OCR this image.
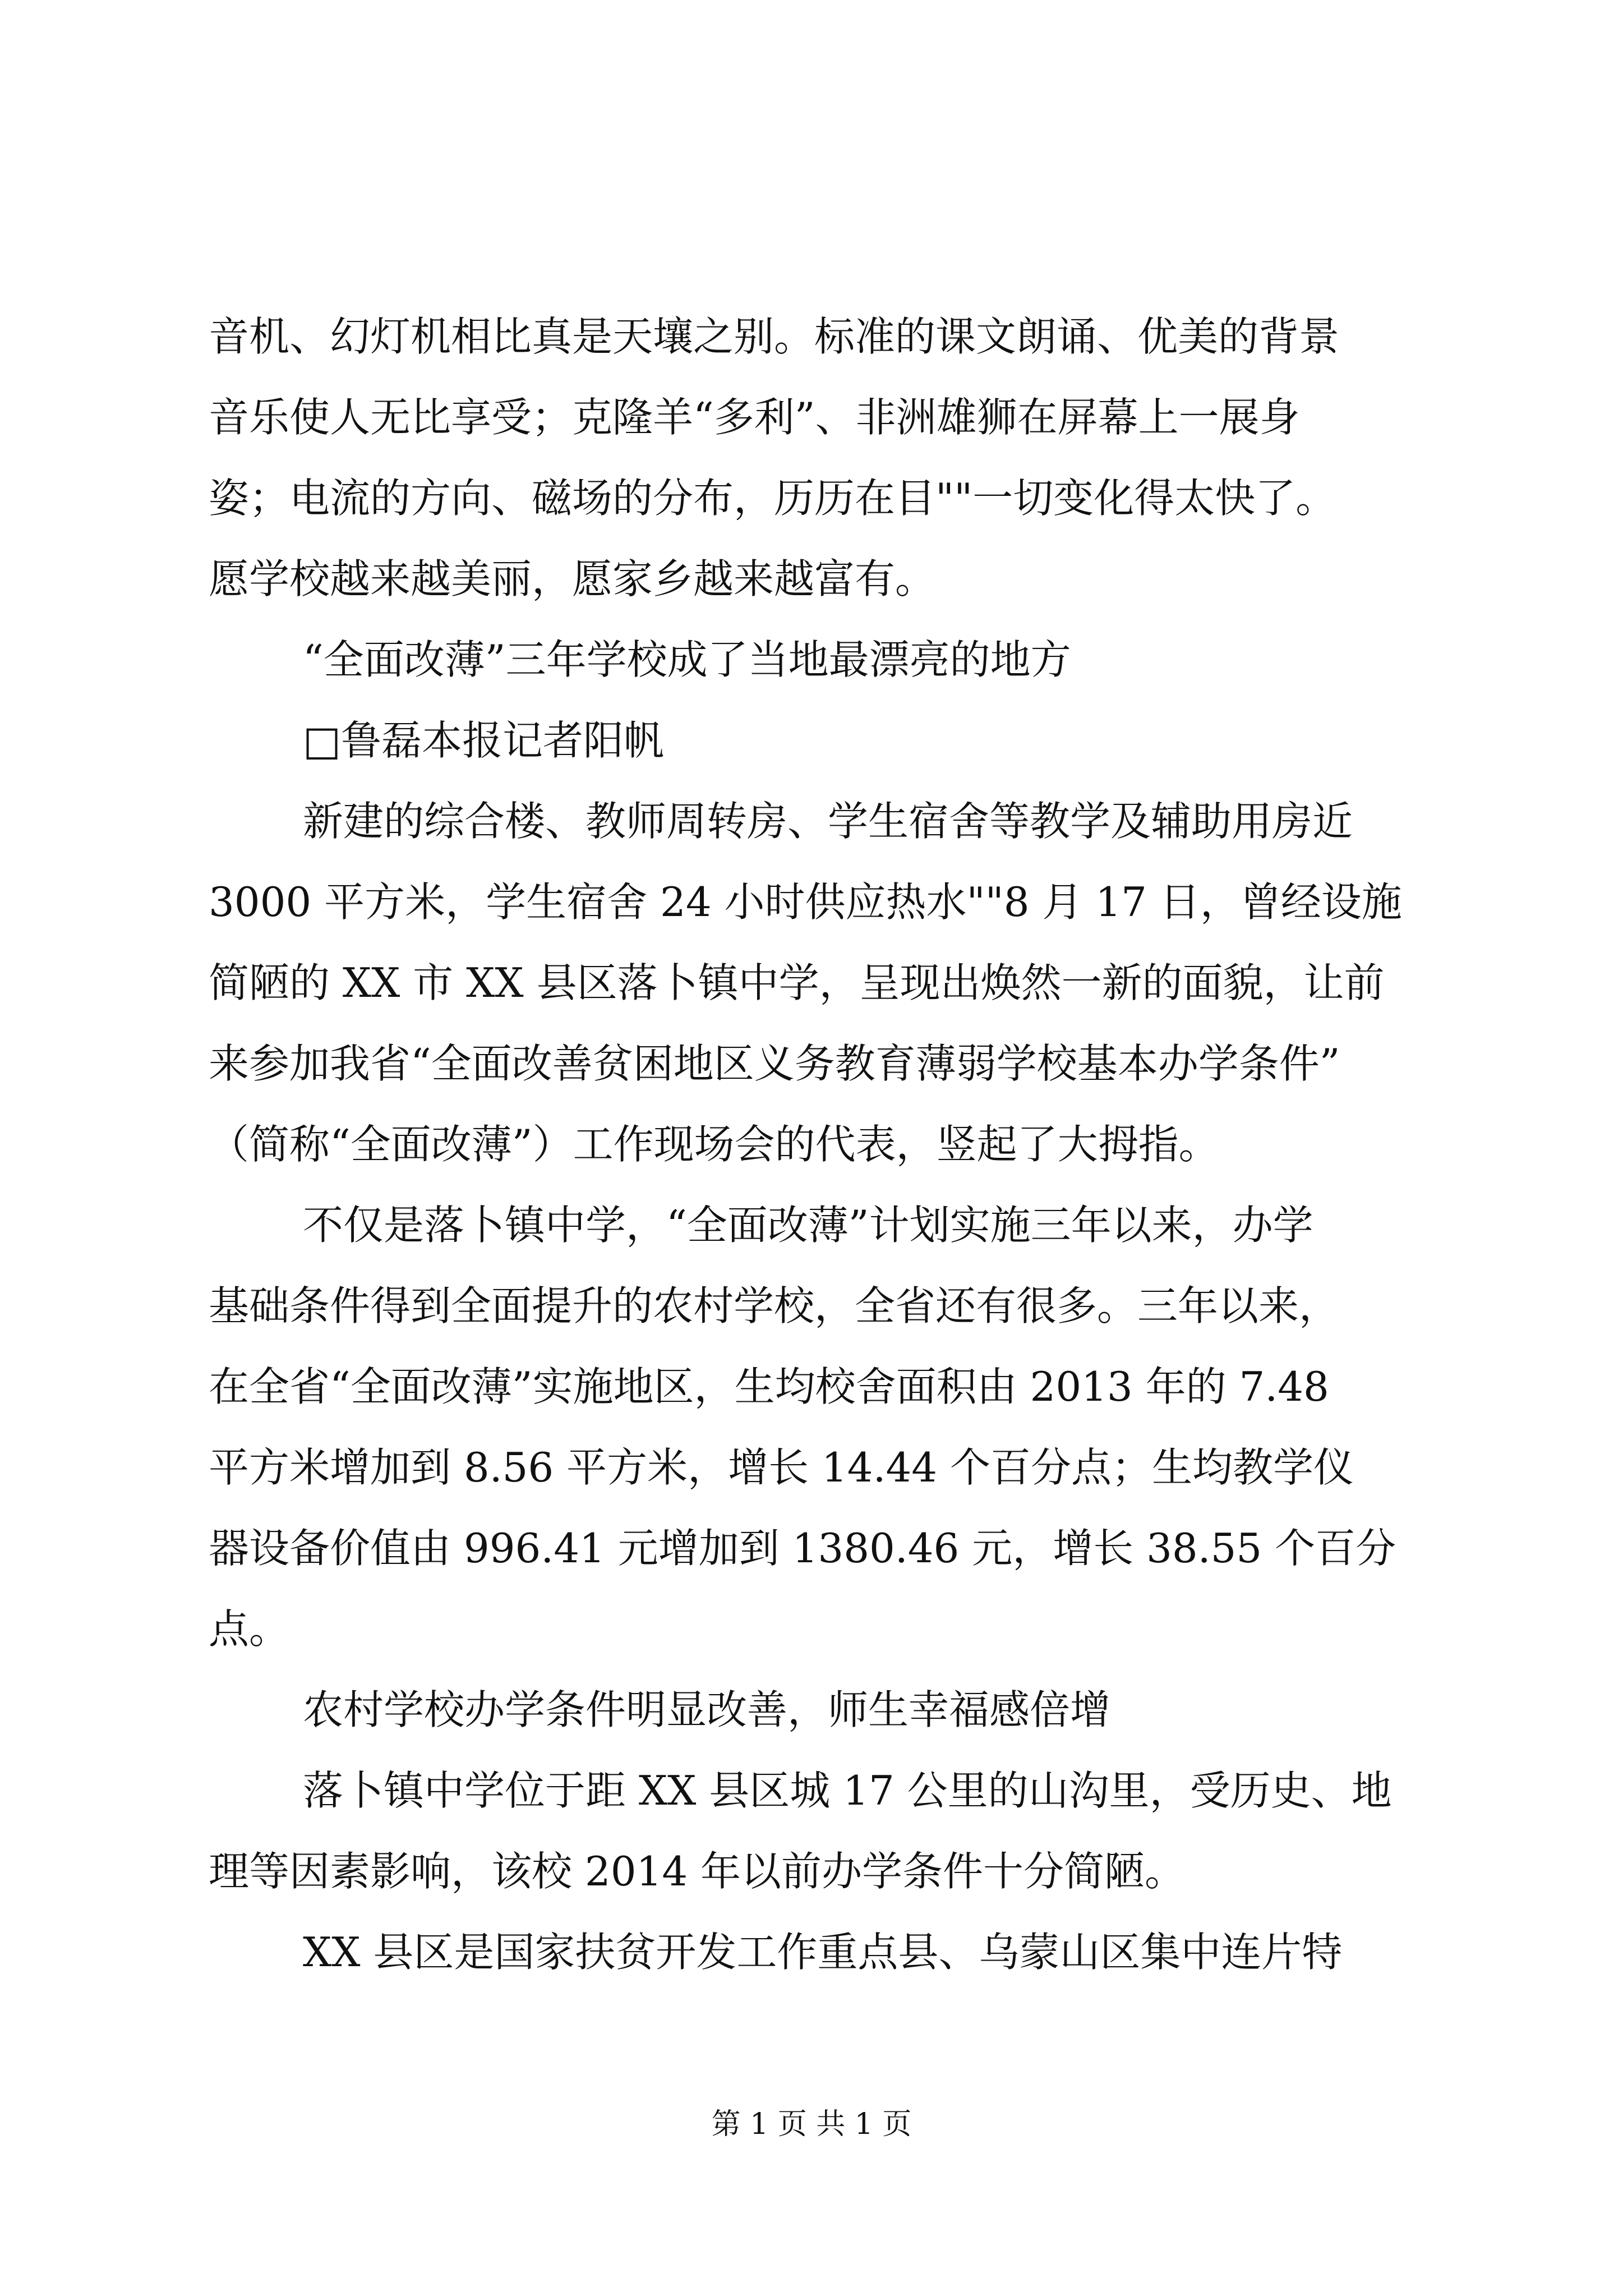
音机、幻灯机相比真是天壤之别。标准的课文朗诵、优美的背景
音乐使人无比享受；克隆羊“多利”、非洲雄狮在屏幕上一展身
姿；电流的方向、磁场的分布，历历在目""一切变化得太快了。
愿学校越来越美丽，愿家乡越来越富有。
“全面改薄”三年学校成了当地最漂亮的地方
□鲁磊本报记者阳帆
新建的综合楼、教师周转房、学生宿舍等教学及辅助用房近
3000 平方米，学生宿舍 24 小时供应热水""8 月 17 日，曾经设施
简陋的 XX 市 XX 县区落卜镇中学，呈现出焕然一新的面貌，让前
来参加我省“全面改善贫困地区义务教育薄弱学校基本办学条件”
（简称“全面改薄”）工作现场会的代表，竖起了大拇指。
不仅是落卜镇中学，“全面改薄”计划实施三年以来，办学
基础条件得到全面提升的农村学校，全省还有很多。三年以来，
在全省“全面改薄”实施地区，生均校舍面积由 2013 年的 7.48
平方米增加到 8.56 平方米，增长 14.44 个百分点；生均教学仪
器设备价值由 996.41 元增加到 1380.46 元，增长 38.55 个百分
点。
农村学校办学条件明显改善，师生幸福感倍增
落卜镇中学位于距 XX 县区城 17 公里的山沟里，受历史、地
理等因素影响，该校 2014 年以前办学条件十分简陋。
XX 县区是国家扶贫开发工作重点县、乌蒙山区集中连片特
第 1 页 共 1 页
